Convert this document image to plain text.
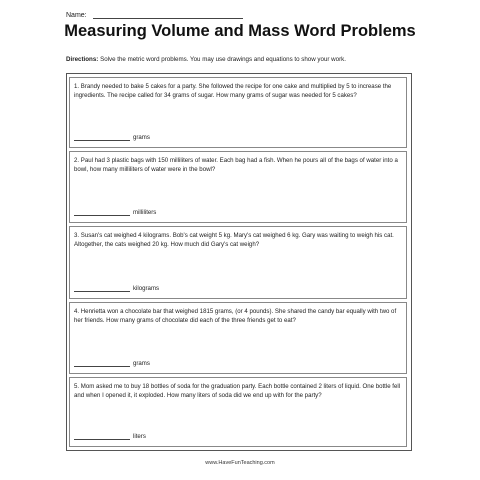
Name:
Measuring Volume and Mass Word Problems
Directions: Solve the metric word problems. You may use drawings and equations to show your work.

1. Brandy needed to bake 5 cakes for a party. She followed the recipe for one cake and multiplied by 5 to increase the ingredients. The recipe called for 34 grams of sugar. How many grams of sugar was needed for 5 cakes?

grams

2. Paul had 3 plastic bags with 150 milliliters of water. Each bag had a fish. When he pours all of the bags of water into a bowl, how many milliliters of water were in the bowl?

milliliters

3. Susan's cat weighed 4 kilograms. Bob's cat weight 5 kg. Mary's cat weighed 6 kg. Gary was waiting to weigh his cat. Altogether, the cats weighed 20 kg. How much did Gary's cat weigh?

kilograms

4. Henrietta won a chocolate bar that weighed 1815 grams, (or 4 pounds). She shared the candy bar equally with two of her friends. How many grams of chocolate did each of the three friends get to eat?

grams

5. Mom asked me to buy 18 bottles of soda for the graduation party. Each bottle contained 2 liters of liquid. One bottle fell and when I opened it, it exploded. How many liters of soda did we end up with for the party?

liters
www.HaveFunTeaching.com
